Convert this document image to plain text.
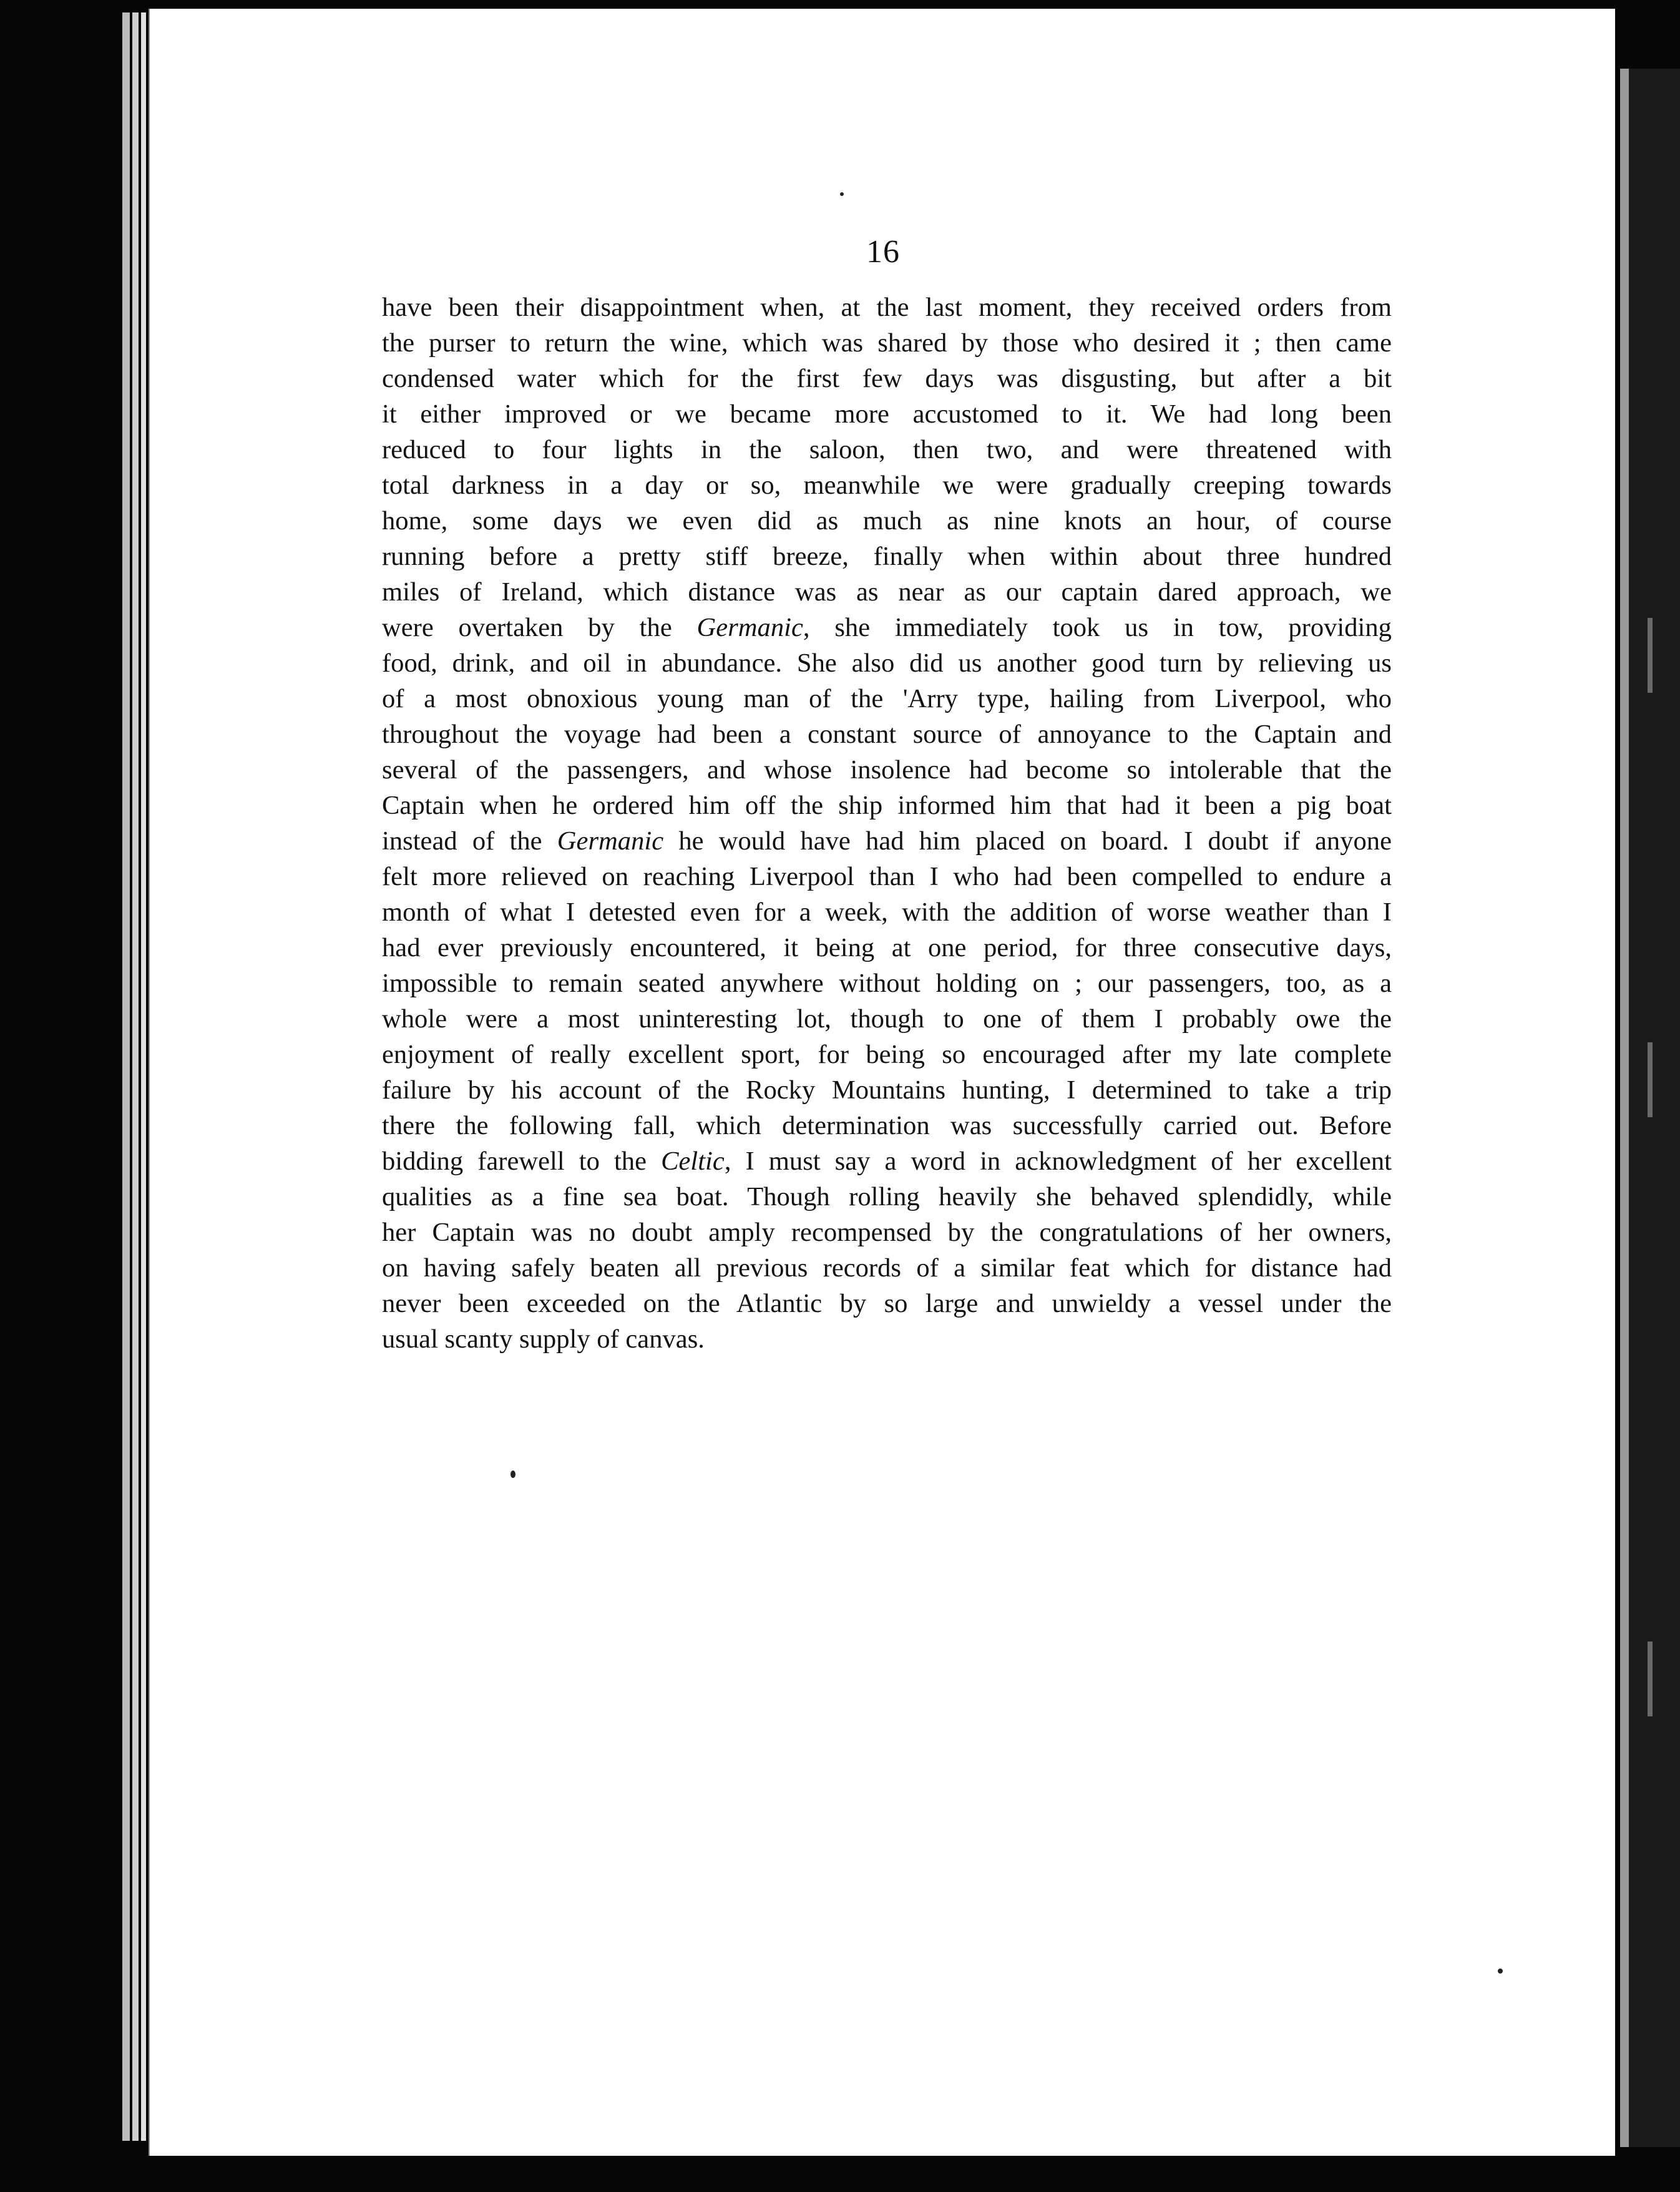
16
have been their disappointment when, at the last moment, they received orders from
the purser to return the wine, which was shared by those who desired it ; then came
condensed water which for the first few days was disgusting, but after a bit
it either improved or we became more accustomed to it. We had long been
reduced to four lights in the saloon, then two, and were threatened with
total darkness in a day or so, meanwhile we were gradually creeping towards
home, some days we even did as much as nine knots an hour, of course
running before a pretty stiff breeze, finally when within about three hundred
miles of Ireland, which distance was as near as our captain dared approach, we
were overtaken by the Germanic, she immediately took us in tow, providing
food, drink, and oil in abundance. She also did us another good turn by relieving us
of a most obnoxious young man of the 'Arry type, hailing from Liverpool, who
throughout the voyage had been a constant source of annoyance to the Captain and
several of the passengers, and whose insolence had become so intolerable that the
Captain when he ordered him off the ship informed him that had it been a pig boat
instead of the Germanic he would have had him placed on board. I doubt if anyone
felt more relieved on reaching Liverpool than I who had been compelled to endure a
month of what I detested even for a week, with the addition of worse weather than I
had ever previously encountered, it being at one period, for three consecutive days,
impossible to remain seated anywhere without holding on ; our passengers, too, as a
whole were a most uninteresting lot, though to one of them I probably owe the
enjoyment of really excellent sport, for being so encouraged after my late complete
failure by his account of the Rocky Mountains hunting, I determined to take a trip
there the following fall, which determination was successfully carried out. Before
bidding farewell to the Celtic, I must say a word in acknowledgment of her excellent
qualities as a fine sea boat. Though rolling heavily she behaved splendidly, while
her Captain was no doubt amply recompensed by the congratulations of her owners,
on having safely beaten all previous records of a similar feat which for distance had
never been exceeded on the Atlantic by so large and unwieldy a vessel under the
usual scanty supply of canvas.
